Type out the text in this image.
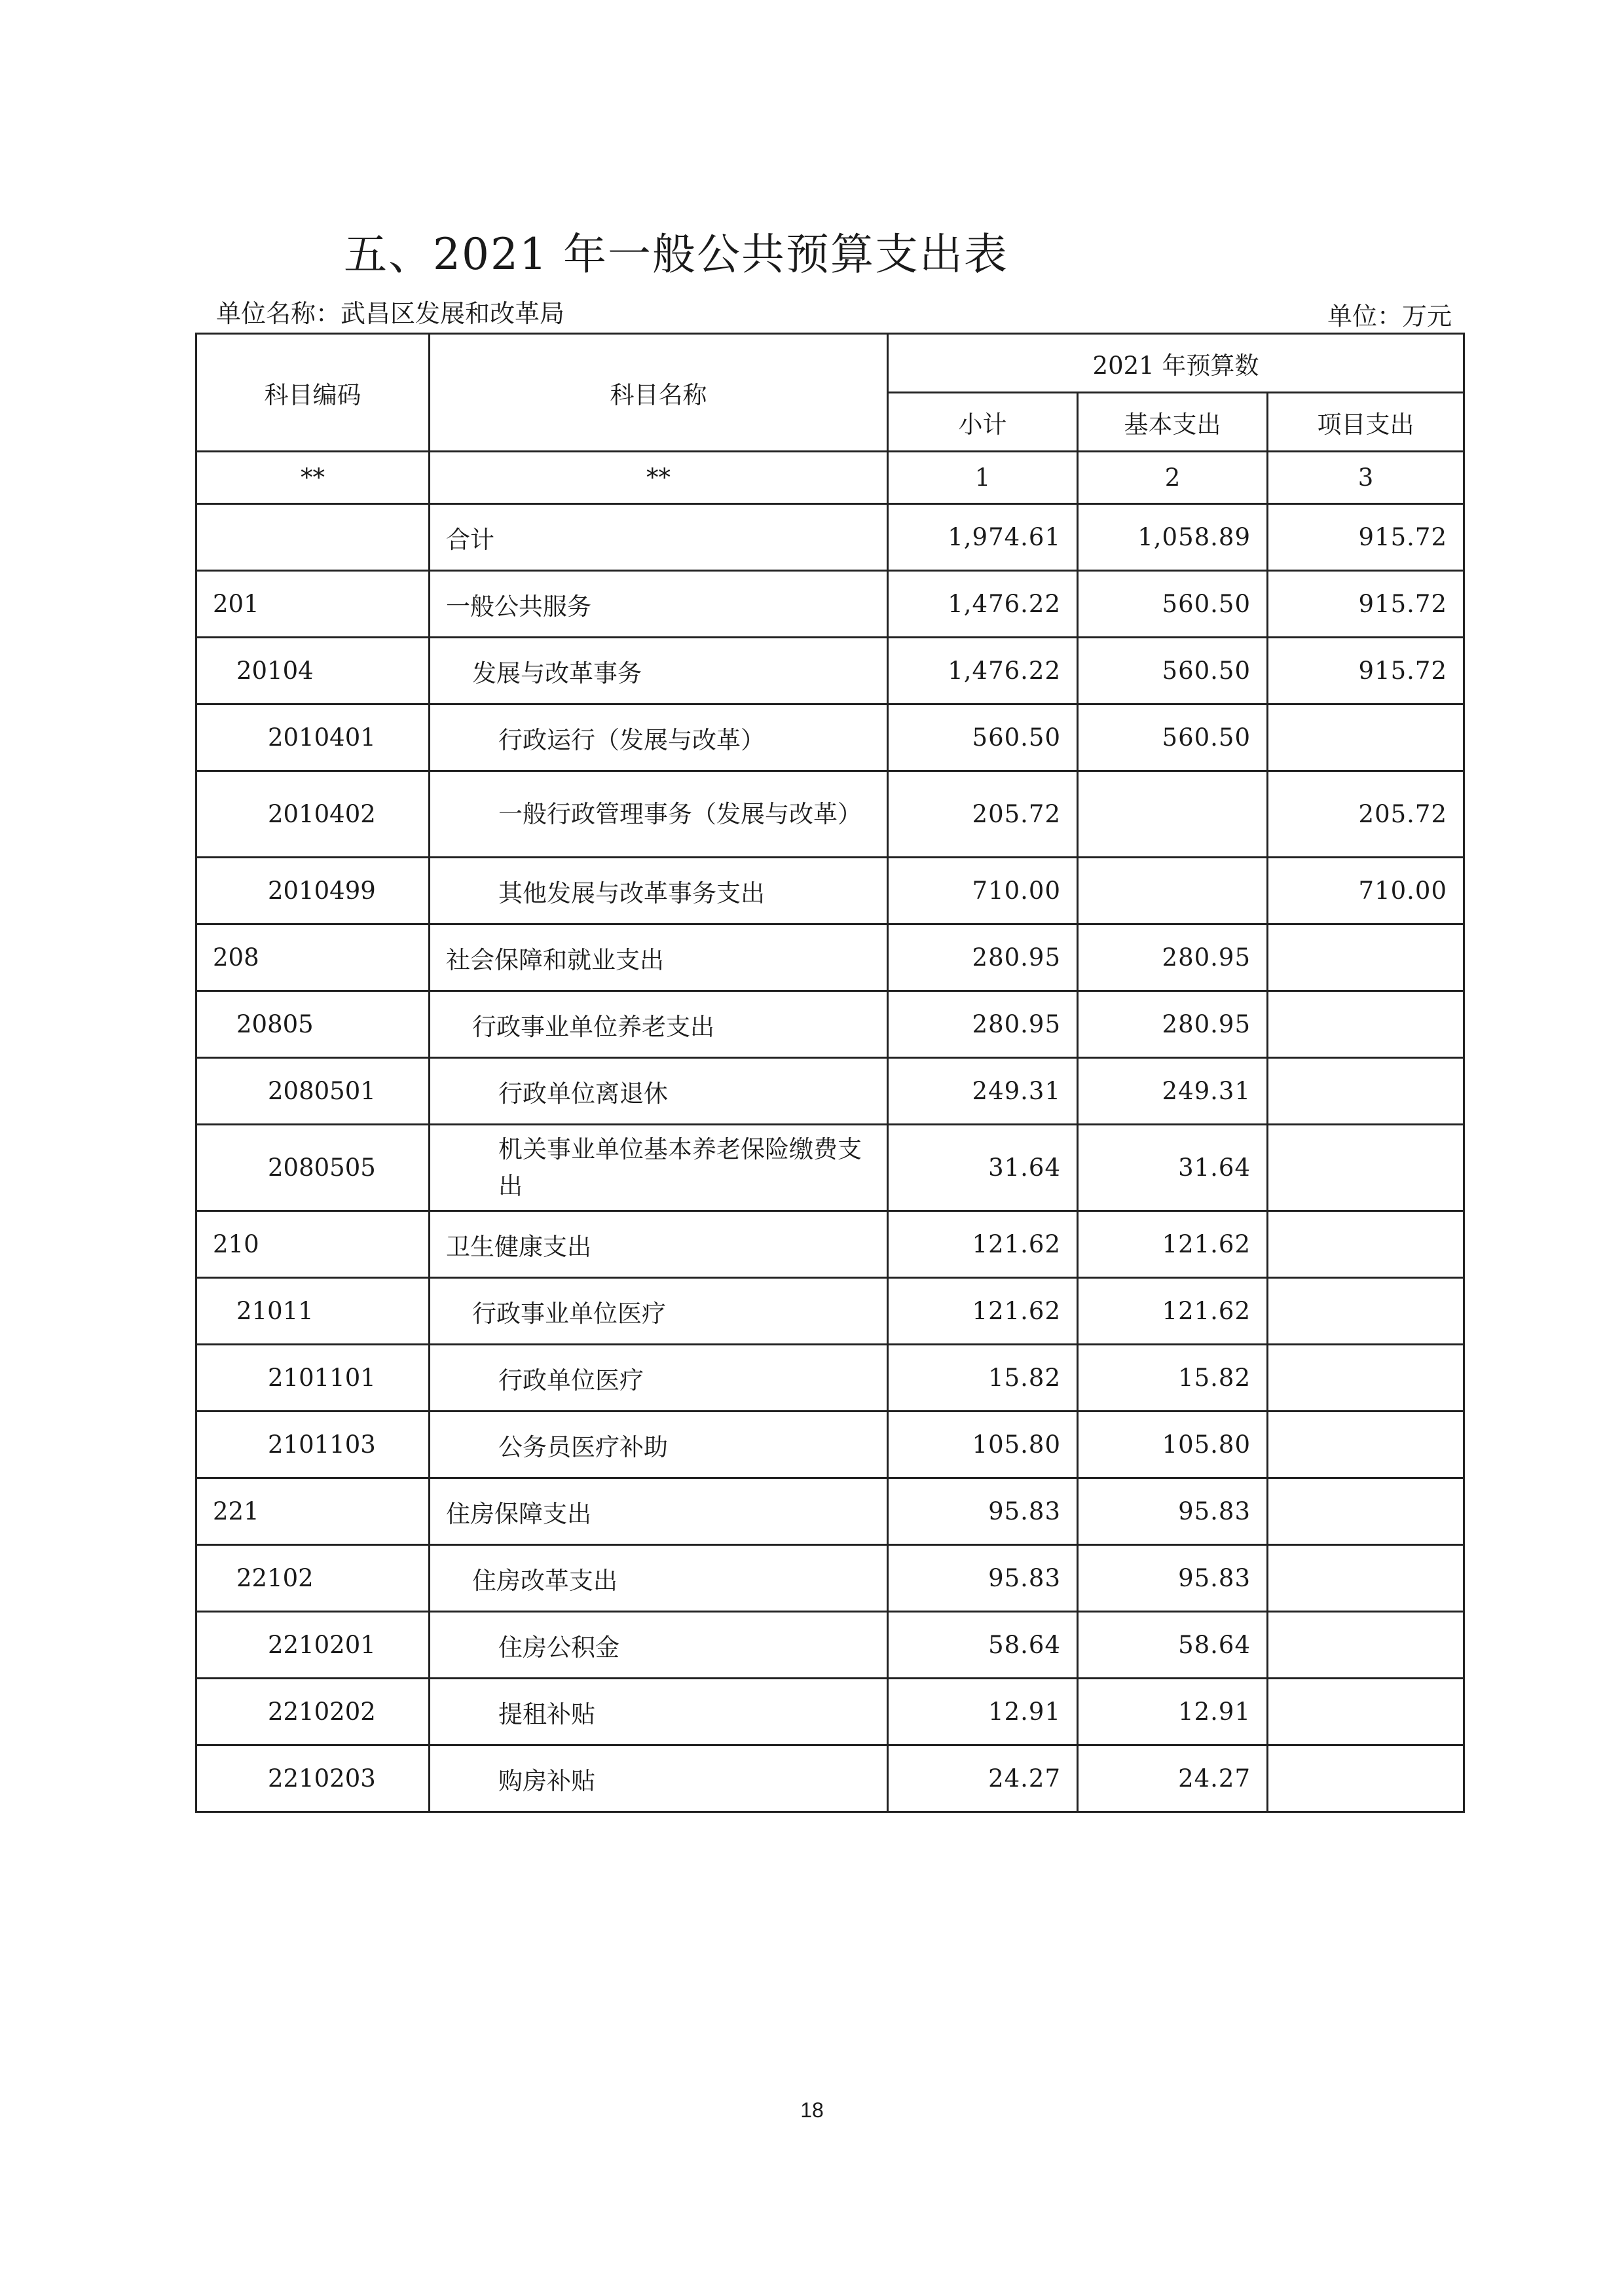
五、2021 年一般公共预算支出表
单位名称：武昌区发展和改革局	单位：万元
科目编码	科目名称	2021 年预算数		
		小计	基本支出	项目支出
**	**	1	2	3
	合计	1,974.61	1,058.89	915.72
201	一般公共服务	1,476.22	560.50	915.72
20104	发展与改革事务	1,476.22	560.50	915.72
2010401	行政运行（发展与改革）	560.50	560.50	
2010402	一般行政管理事务（发展与改革）	205.72		205.72
2010499	其他发展与改革事务支出	710.00		710.00
208	社会保障和就业支出	280.95	280.95	
20805	行政事业单位养老支出	280.95	280.95	
2080501	行政单位离退休	249.31	249.31	
2080505	机关事业单位基本养老保险缴费支出	31.64	31.64	
210	卫生健康支出	121.62	121.62	
21011	行政事业单位医疗	121.62	121.62	
2101101	行政单位医疗	15.82	15.82	
2101103	公务员医疗补助	105.80	105.80	
221	住房保障支出	95.83	95.83	
22102	住房改革支出	95.83	95.83	
2210201	住房公积金	58.64	58.64	
2210202	提租补贴	12.91	12.91	
2210203	购房补贴	24.27	24.27	
18
